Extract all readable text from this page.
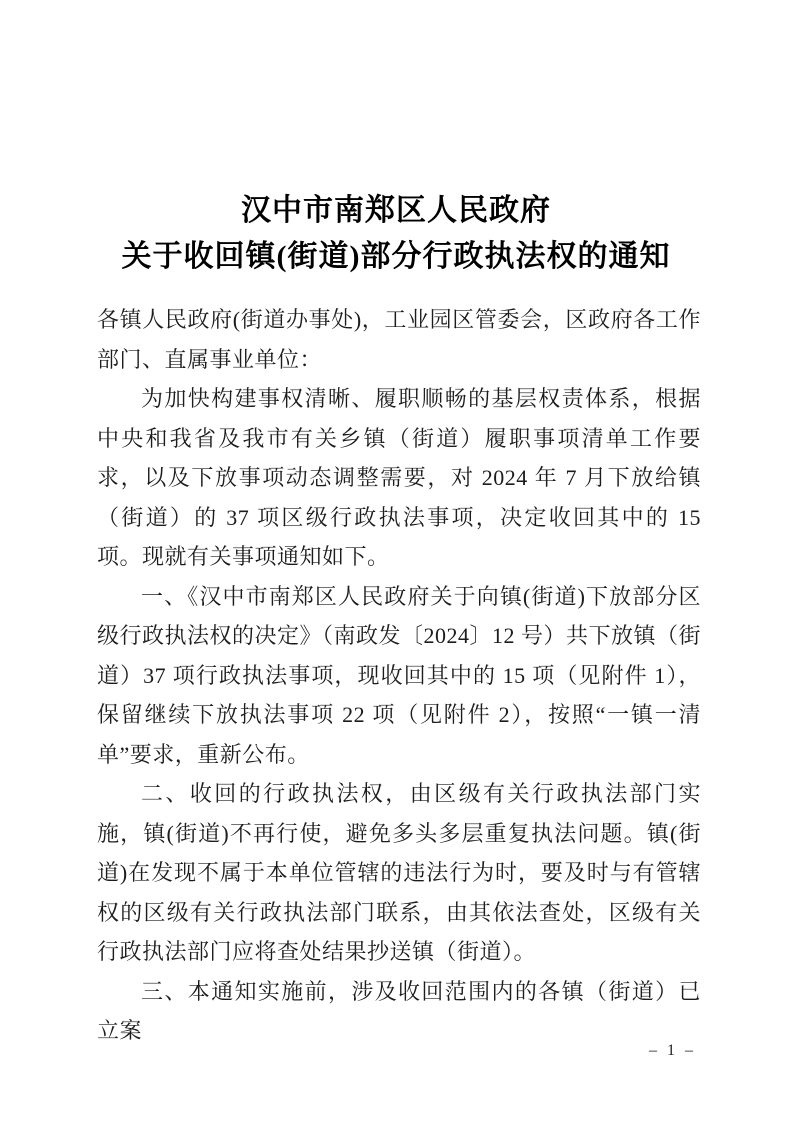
汉中市南郑区人民政府
关于收回镇(街道)部分行政执法权的通知

各镇人民政府(街道办事处)，工业园区管委会，区政府各工作部门、直属事业单位：

为加快构建事权清晰、履职顺畅的基层权责体系，根据中央和我省及我市有关乡镇（街道）履职事项清单工作要求，以及下放事项动态调整需要，对 2024 年 7 月下放给镇（街道）的 37 项区级行政执法事项，决定收回其中的 15 项。现就有关事项通知如下。

一、《汉中市南郑区人民政府关于向镇(街道)下放部分区级行政执法权的决定》（南政发〔2024〕12 号）共下放镇（街道）37 项行政执法事项，现收回其中的 15 项（见附件 1），保留继续下放执法事项 22 项（见附件 2），按照“一镇一清单”要求，重新公布。

二、收回的行政执法权，由区级有关行政执法部门实施，镇(街道)不再行使，避免多头多层重复执法问题。镇(街道)在发现不属于本单位管辖的违法行为时，要及时与有管辖权的区级有关行政执法部门联系，由其依法查处，区级有关行政执法部门应将查处结果抄送镇（街道）。

三、本通知实施前，涉及收回范围内的各镇（街道）已立案

– 1 –
